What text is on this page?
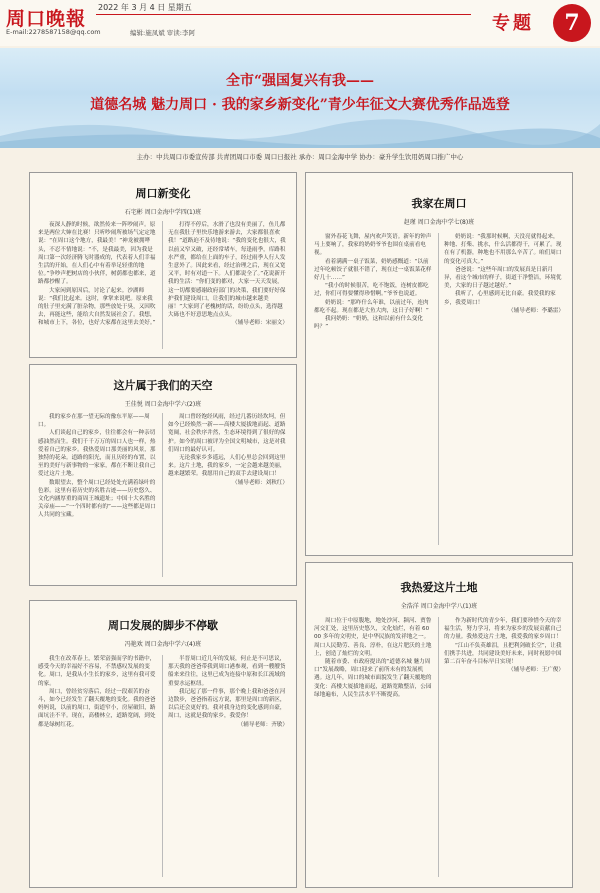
周口晚報
2022 年 3 月 4 日 星期五
E-mail:2278587158@qq.com	编辑:施凤斌 审读:李阿	专题	7
全市“强国复兴有我——
道德名城 魅力周口 · 我的家乡新变化”青少年征文大赛优秀作品选登
主办：中共周口市委宣传部 共青团周口市委 周口日报社 承办：周口金海中学 协办：豪升学生饮用奶周口推广中心
周口新变化
石宅彬 周口金海中学四(1)班

夜深人静的时候，欲然传来一阵吵闹声。原来是两位大婶在比赛！只听吵闹所被场气定定地说：“在周口这个地方，我最美！”神龙被拥哗头，不忍不情地说：“不，是我最美，因为我是周口第一次经济腾飞时器成的，代表着人们幸福生活的开始，在人们心中有着举足轻重的地位。”争吵声把树店的小伙伴，树荫都也都来，道路都抄醒了。

大家闲到原因后，讨论了起来。沙湖师说：“我们比起来。这时，拿掌来说吧。原来我的肚子里充满了脏杂物，那些放处于臭，又因吹去，再能这些，能给大自然发展社会了。我想，和城市上下，各位，也好大家都在这里去美好。”

打得不停后，水滑了也没有美丽了，鱼儿都无在我肚子里快乐地游来游去，大家都很喜欢我！”道路迫不及待地说：“我的变化也很大，我以前又窄又破，还经常堵车，每逢雨季，库路积水严重，都给在上面的车子，经过雨季人行人发生意外了。因此来看，经过治理之后，现在又宽又平，时有对道一下。人们都说全了。”花说新开我的生活：“你们变的都对，大家一天天发展，这一切都要感谢政府部门的决策，我们要好好保护我们建设周口，让我们的城市越来越美丽！”大家到了老槐树的话，纷纷点头，选得越大砾也不好意思地点点头。

（辅导老师：宋丽文）

这片属于我们的天空
王佳悦 周口金海中学六(2)班

我的家乡在那一望无际的豫东平原——周口。

人们谈起自己的家乡，往往都会有一种亲切感油然而生。我们千千万万的周口人也一样，热爱着自己的家乡。我热爱周口那美丽的风景，那独特的花朵。道路的阳光，而且历经的布置，以至的美好与新事物的一家家，都在不断让我自己爱过这片土地。

数眼望去，整个周口已经处处充满着绿叶的色彩。这里有着历史的名胜古迹——历史悠久、文化内涵厚重的商周王城遗址；中国十大名胜的关帝庙——“一个四时都有的”——这些都是周口人共同的宝藏。

周口曾经饱经风雨，经过几番历经坎坷，但如今已经焕然一新——高楼大厦拔地而起、道路宽阔，社会秩序井然，生态环境得到了很好的保护。如今的周口被评为全国文明城市，这是对我们周口的最好认可。

无论我家乡多遥远，人们心里总会回到这里来。这片土地，我的家乡，一定会越来越美丽，越来越繁荣。我愿用自己的双手去建设周口！

（辅导老师：刘秋红）

周口发展的脚步不停歇
冯艳欢 周口金海中学六(4)班

我生在改革春上，繁荣富强而学的书籍中，感受今天的幸福好不容易，不禁感叹发展的变化。周口，是我从小生长的家乡，这里有我可爱的家。

周口，曾经贫穷落后，经过一段艰苦的奋斗，如今已经发生了翻天覆地的变化。我的爸爸妈妈说，以前的周口，街道窄小，房屋破旧，路面坑洼不平。现在，高楼林立，道路宽阔，到处都是绿树红花。

半晋周口近几年的发展，何止是不可思议，那天我的爸爸带我到周口港参观，看到一艘艘货船来来往往，这里已成为连接中原和长江流域的重要水运枢纽。

我记起了那一件事，那个晚上我和爸爸在河边散步，爸爸指着远方说，那里是周口的新区，以后还会更好的。我对我身边的变化感到自豪，周口，这就是我的家乡，我爱你！

（辅导老师：齐敏）

我家在周口
赵瑾 周口金海中学七(8)班

窗外春花飞舞，屋内欢声笑语。新年的钟声马上要响了，我家的奶奶爷爷也围在桌前看电视。

看着满满一桌子饭菜，奶奶感慨道：“以前过年吃顿饺子就很不错了，现在过一桌饭菜花样好几十……”

“我小的时候很苦，吃不饱饭，连树皮都吃过，你们可得要懂得珍惜啊。”爷爷也说道。

奶奶说：“那咋什么年谁，以前过年，连肉都吃不起。现在都是大鱼大肉，这日子好啊！”

我问奶奶：“奶奶，这和以前有什么变化吗？”

奶奶说：“我那时候啊，天没亮就得起来，种地、打柴、挑水，什么活都得干，可累了。现在有了机器，种地也不用那么辛苦了。咱们周口的变化可真大。”

爸爸说：“这些年周口的发展真是日新月异，看这个城市的样子，街道干净整洁，环境优美，大家的日子越过越好。”

我听了，心里感到无比自豪。我爱我的家乡，我爱周口！

（辅导老师：李璐雷）

我热爱这片土地
全浩洋 周口金海中学八(1)班

周口位于中原腹地，地处沙河、颍河、贾鲁河交汇处，这里历史悠久，文化灿烂，有着 6000 多年的文明史，是中华民族的发祥地之一。周口人民勤劳、善良、淳朴，在这片肥沃的土地上，创造了灿烂的文明。

随着市委、市政府提出的“道德名城 魅力周口”发展战略，周口迎来了前所未有的发展机遇。这几年，周口的城市面貌发生了翻天覆地的变化：高楼大厦拔地而起，道路宽敞整洁，公园绿地遍布，人民生活水平不断提高。

作为新时代的青少年，我们要珍惜今天的幸福生活，努力学习，将来为家乡的发展贡献自己的力量。我热爱这片土地，我爱我的家乡周口！

“江山不负英雄泪，且把利剑破长空”，让我们携手共进，共同建设美好未来，同时祝愿中国第二百年奋斗目标早日实现！

（辅导老师：王广俊）
